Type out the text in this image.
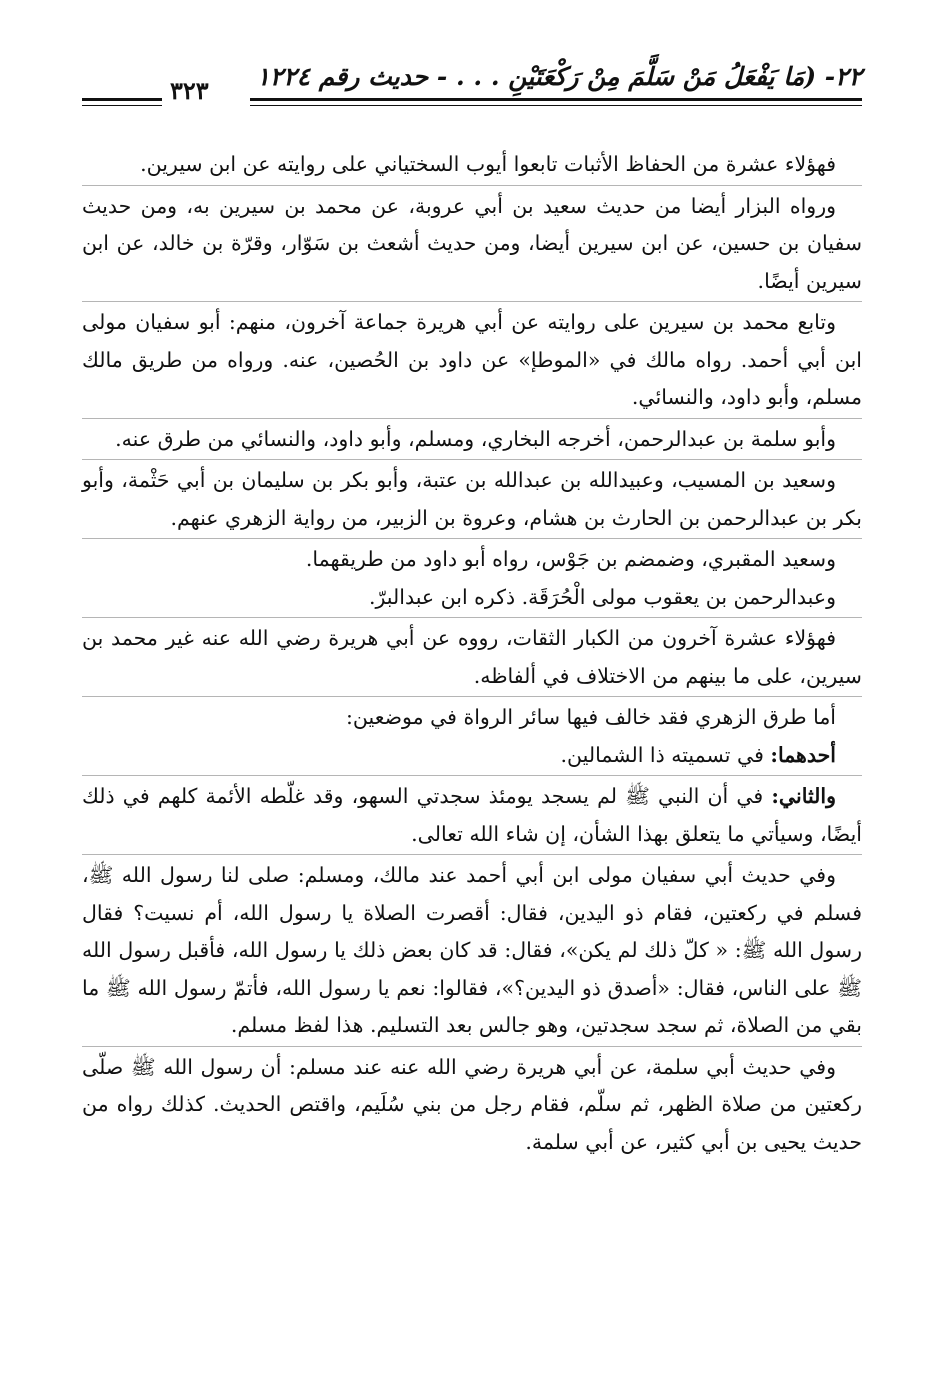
٢٢- (مَا يَفْعَلُ مَنْ سَلَّمَ مِنْ رَكْعَتَيْنِ . . . - حديث رقم ١٢٢٤
٣٢٣

فهؤلاء عشرة من الحفاظ الأثبات تابعوا أيوب السختياني على روايته عن ابن سيرين.

ورواه البزار أيضا من حديث سعيد بن أبي عروبة، عن محمد بن سيرين به، ومن حديث سفيان بن حسين، عن ابن سيرين أيضا، ومن حديث أشعث بن سَوّار، وقرّة بن خالد، عن ابن سيرين أيضًا.

وتابع محمد بن سيرين على روايته عن أبي هريرة جماعة آخرون، منهم: أبو سفيان مولى ابن أبي أحمد. رواه مالك في «الموطإ» عن داود بن الحُصين، عنه. ورواه من طريق مالك مسلم، وأبو داود، والنسائي.

وأبو سلمة بن عبدالرحمن، أخرجه البخاري، ومسلم، وأبو داود، والنسائي من طرق عنه.

وسعيد بن المسيب، وعبيدالله بن عبدالله بن عتبة، وأبو بكر بن سليمان بن أبي حَثْمة، وأبو بكر بن عبدالرحمن بن الحارث بن هشام، وعروة بن الزبير، من رواية الزهري عنهم.

وسعيد المقبري، وضمضم بن جَوْس، رواه أبو داود من طريقهما.

وعبدالرحمن بن يعقوب مولى الْحُرَقَة. ذكره ابن عبدالبرّ.

فهؤلاء عشرة آخرون من الكبار الثقات، رووه عن أبي هريرة رضي الله عنه غير محمد بن سيرين، على ما بينهم من الاختلاف في ألفاظه.

أما طرق الزهري فقد خالف فيها سائر الرواة في موضعين:

أحدهما: في تسميته ذا الشمالين.

والثاني: في أن النبي ﷺ لم يسجد يومئذ سجدتي السهو، وقد غلّطه الأئمة كلهم في ذلك أيضًا، وسيأتي ما يتعلق بهذا الشأن، إن شاء الله تعالى.

وفي حديث أبي سفيان مولى ابن أبي أحمد عند مالك، ومسلم: صلى لنا رسول الله ﷺ، فسلم في ركعتين، فقام ذو اليدين، فقال: أقصرت الصلاة يا رسول الله، أم نسيت؟ فقال رسول الله ﷺ: « كلّ ذلك لم يكن»، فقال: قد كان بعض ذلك يا رسول الله، فأقبل رسول الله ﷺ على الناس، فقال: «أصدق ذو اليدين؟»، فقالوا: نعم يا رسول الله، فأتمّ رسول الله ﷺ ما بقي من الصلاة، ثم سجد سجدتين، وهو جالس بعد التسليم. هذا لفظ مسلم.

وفي حديث أبي سلمة، عن أبي هريرة رضي الله عنه عند مسلم: أن رسول الله ﷺ صلّى ركعتين من صلاة الظهر، ثم سلّم، فقام رجل من بني سُلَيم، واقتص الحديث. كذلك رواه من حديث يحيى بن أبي كثير، عن أبي سلمة.
